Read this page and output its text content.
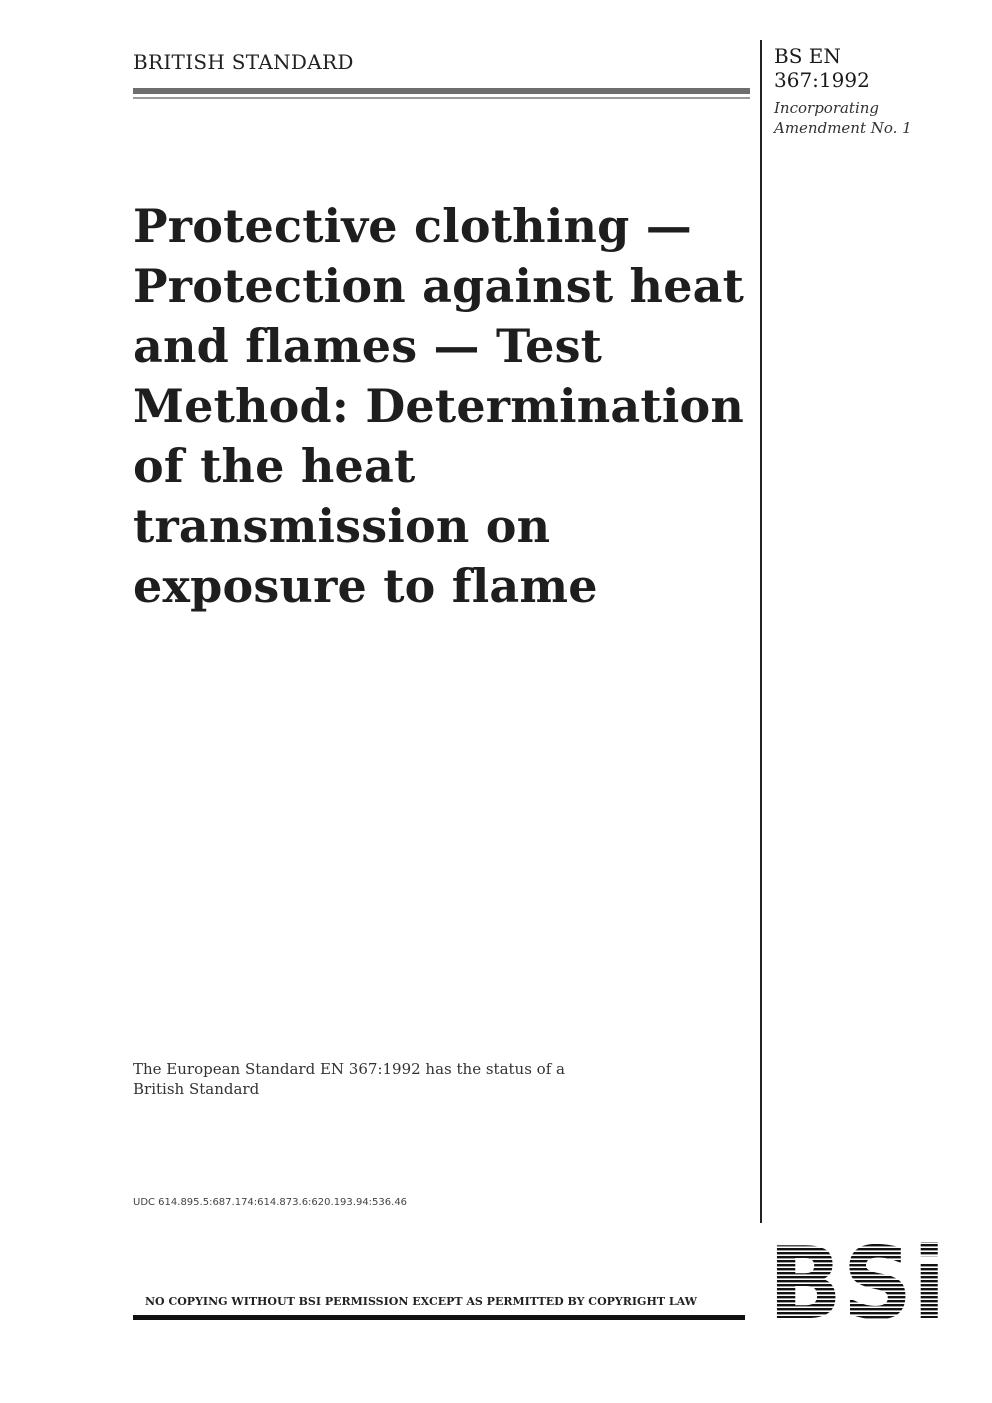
BRITISH STANDARD	BS EN
367:1992
Incorporating
Amendment No. 1
Protective clothing —
Protection against heat
and flames — Test
Method: Determination
of the heat
transmission on
exposure to flame
The European Standard EN 367:1992 has the status of a
British Standard
UDC 614.895.5:687.174:614.873.6:620.193.94:536.46
NO COPYING WITHOUT BSI PERMISSION EXCEPT AS PERMITTED BY COPYRIGHT LAW
